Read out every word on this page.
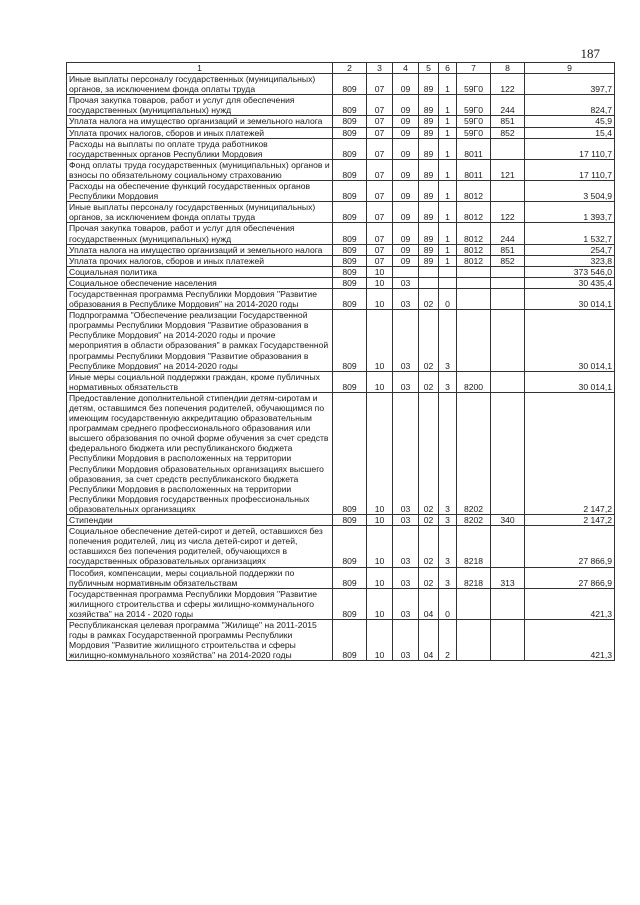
187
1	2	3	4	5	6	7	8	9
Иные выплаты персоналу государственных (муниципальных) органов, за исключением фонда оплаты труда	809	07	09	89	1	59Г0	122	397,7
Прочая закупка товаров, работ и услуг для обеспечения государственных (муниципальных) нужд	809	07	09	89	1	59Г0	244	824,7
Уплата налога на имущество организаций и земельного налога	809	07	09	89	1	59Г0	851	45,9
Уплата прочих налогов, сборов и иных платежей	809	07	09	89	1	59Г0	852	15,4
Расходы на выплаты по оплате труда работников государственных органов Республики Мордовия	809	07	09	89	1	8011		17 110,7
Фонд оплаты труда государственных (муниципальных) органов и взносы по обязательному социальному страхованию	809	07	09	89	1	8011	121	17 110,7
Расходы на обеспечение функций государственных органов Республики Мордовия	809	07	09	89	1	8012		3 504,9
Иные выплаты персоналу государственных (муниципальных) органов, за исключением фонда оплаты труда	809	07	09	89	1	8012	122	1 393,7
Прочая закупка товаров, работ и услуг для обеспечения государственных (муниципальных) нужд	809	07	09	89	1	8012	244	1 532,7
Уплата налога на имущество организаций и земельного налога	809	07	09	89	1	8012	851	254,7
Уплата прочих налогов, сборов и иных платежей	809	07	09	89	1	8012	852	323,8
Социальная политика	809	10						373 546,0
Социальное обеспечение населения	809	10	03					30 435,4
Государственная программа Республики Мордовия "Развитие образования в Республике Мордовия" на 2014-2020 годы	809	10	03	02	0			30 014,1
Подпрограмма "Обеспечение реализации Государственной программы Республики Мордовия "Развитие образования в Республике Мордовия" на 2014-2020 годы и прочие мероприятия в области образования" в рамках Государственной программы Республики Мордовия "Развитие образования в Республике Мордовия" на 2014-2020 годы	809	10	03	02	3			30 014,1
Иные меры социальной поддержки граждан, кроме публичных нормативных обязательств	809	10	03	02	3	8200		30 014,1
Предоставление дополнительной стипендии детям-сиротам и детям, оставшимся без попечения родителей, обучающимся по имеющим государственную аккредитацию образовательным программам среднего профессионального образования или высшего образования по очной форме обучения за счет средств федерального бюджета или республиканского бюджета Республики Мордовия в расположенных на территории Республики Мордовия образовательных организациях высшего образования, за счет средств республиканского бюджета Республики Мордовия в расположенных на территории Республики Мордовия государственных профессиональных образовательных организациях	809	10	03	02	3	8202		2 147,2
Стипендии	809	10	03	02	3	8202	340	2 147,2
Социальное обеспечение детей-сирот и детей, оставшихся без попечения родителей, лиц из числа детей-сирот и детей, оставшихся без попечения родителей, обучающихся в государственных образовательных организациях	809	10	03	02	3	8218		27 866,9
Пособия, компенсации, меры социальной поддержки по публичным нормативным обязательствам	809	10	03	02	3	8218	313	27 866,9
Государственная программа Республики Мордовия "Развитие жилищного строительства и сферы жилищно-коммунального хозяйства" на 2014 - 2020 годы	809	10	03	04	0			421,3
Республиканская целевая программа "Жилище" на 2011-2015 годы в рамках Государственной программы Республики Мордовия "Развитие жилищного строительства и сферы жилищно-коммунального хозяйства" на 2014-2020 годы	809	10	03	04	2			421,3
